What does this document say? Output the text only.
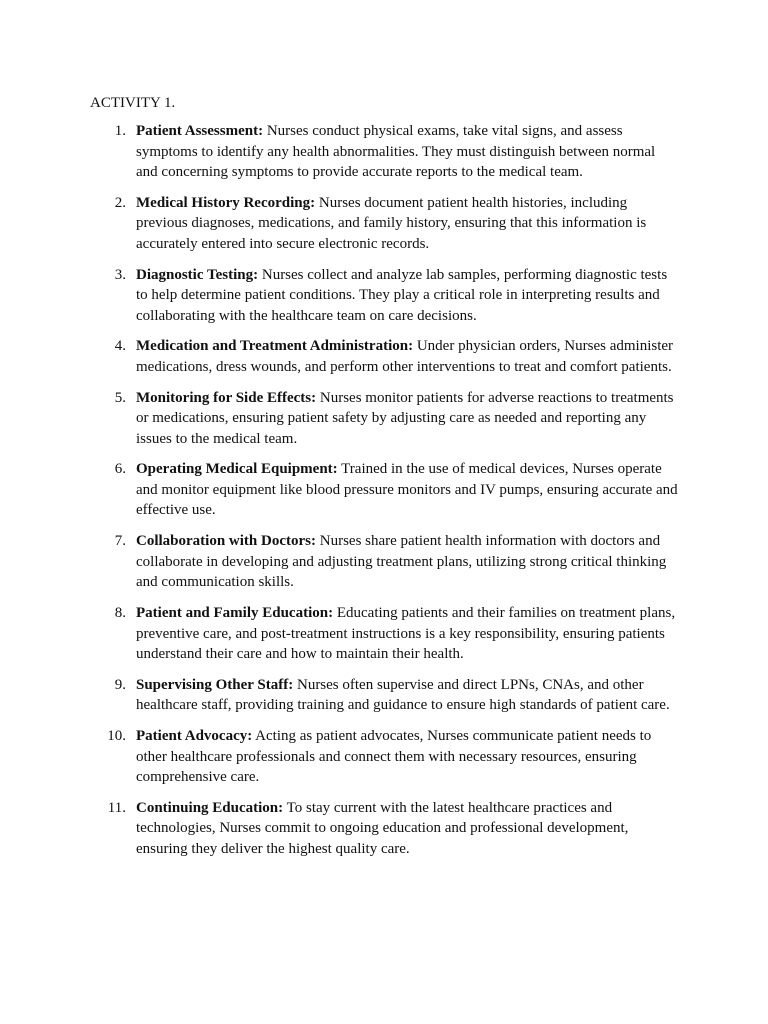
ACTIVITY 1.
1. Patient Assessment: Nurses conduct physical exams, take vital signs, and assess symptoms to identify any health abnormalities. They must distinguish between normal and concerning symptoms to provide accurate reports to the medical team.
2. Medical History Recording: Nurses document patient health histories, including previous diagnoses, medications, and family history, ensuring that this information is accurately entered into secure electronic records.
3. Diagnostic Testing: Nurses collect and analyze lab samples, performing diagnostic tests to help determine patient conditions. They play a critical role in interpreting results and collaborating with the healthcare team on care decisions.
4. Medication and Treatment Administration: Under physician orders, Nurses administer medications, dress wounds, and perform other interventions to treat and comfort patients.
5. Monitoring for Side Effects: Nurses monitor patients for adverse reactions to treatments or medications, ensuring patient safety by adjusting care as needed and reporting any issues to the medical team.
6. Operating Medical Equipment: Trained in the use of medical devices, Nurses operate and monitor equipment like blood pressure monitors and IV pumps, ensuring accurate and effective use.
7. Collaboration with Doctors: Nurses share patient health information with doctors and collaborate in developing and adjusting treatment plans, utilizing strong critical thinking and communication skills.
8. Patient and Family Education: Educating patients and their families on treatment plans, preventive care, and post-treatment instructions is a key responsibility, ensuring patients understand their care and how to maintain their health.
9. Supervising Other Staff: Nurses often supervise and direct LPNs, CNAs, and other healthcare staff, providing training and guidance to ensure high standards of patient care.
10. Patient Advocacy: Acting as patient advocates, Nurses communicate patient needs to other healthcare professionals and connect them with necessary resources, ensuring comprehensive care.
11. Continuing Education: To stay current with the latest healthcare practices and technologies, Nurses commit to ongoing education and professional development, ensuring they deliver the highest quality care.
